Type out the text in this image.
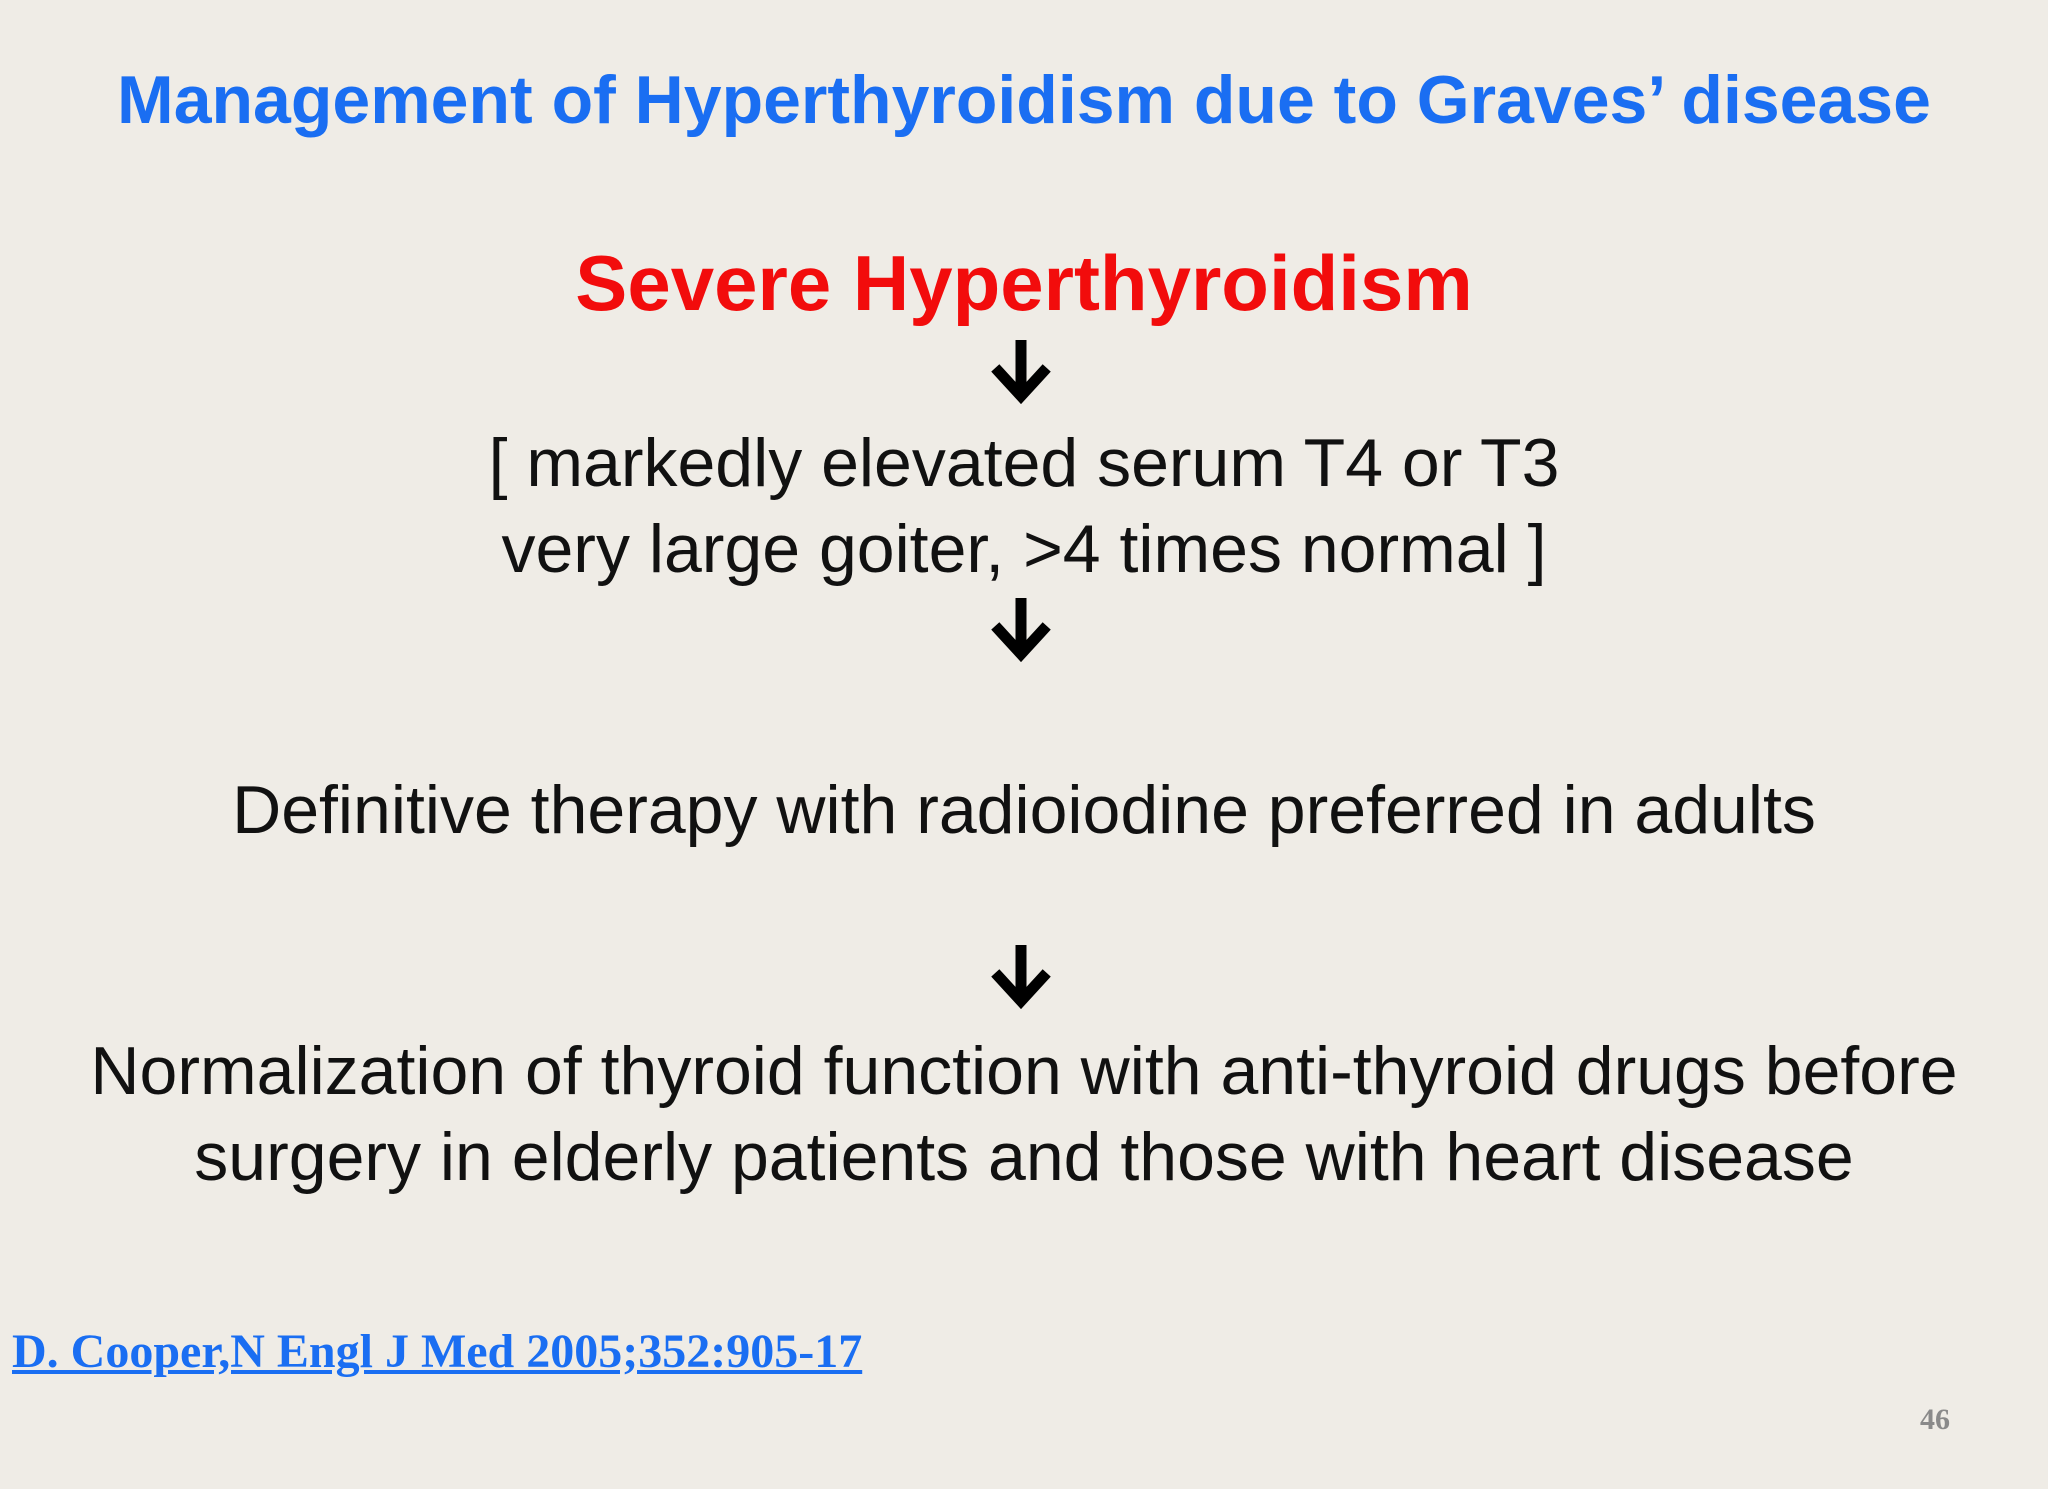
Management of Hyperthyroidism due to Graves’ disease
Severe Hyperthyroidism
[ markedly elevated serum T4 or T3
very large goiter, >4 times normal ]
Definitive therapy with radioiodine preferred in adults
Normalization of thyroid function with anti-thyroid drugs before
surgery in elderly patients and those with heart disease
D. Cooper,N Engl J Med 2005;352:905-17
46
